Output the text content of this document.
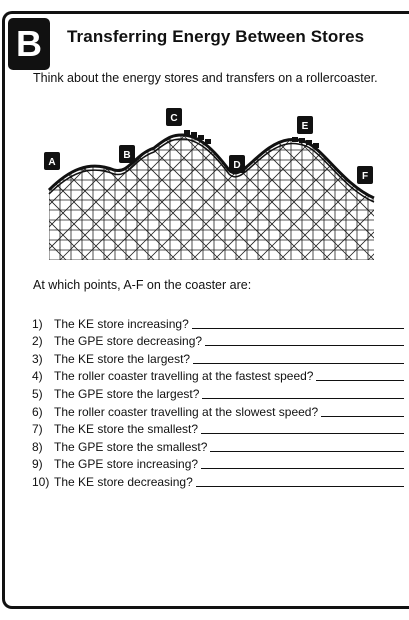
B	Transferring Energy Between Stores
Think about the energy stores and transfers on a rollercoaster.
A
B
C
D
E
F
At which points, A-F on the coaster are:
1) The KE store increasing?
2) The GPE store decreasing?
3) The KE store the largest?
4) The roller coaster travelling at the fastest speed?
5) The GPE store the largest?
6) The roller coaster travelling at the slowest speed?
7) The KE store the smallest?
8) The GPE store the smallest?
9) The GPE store increasing?
10) The KE store decreasing?
